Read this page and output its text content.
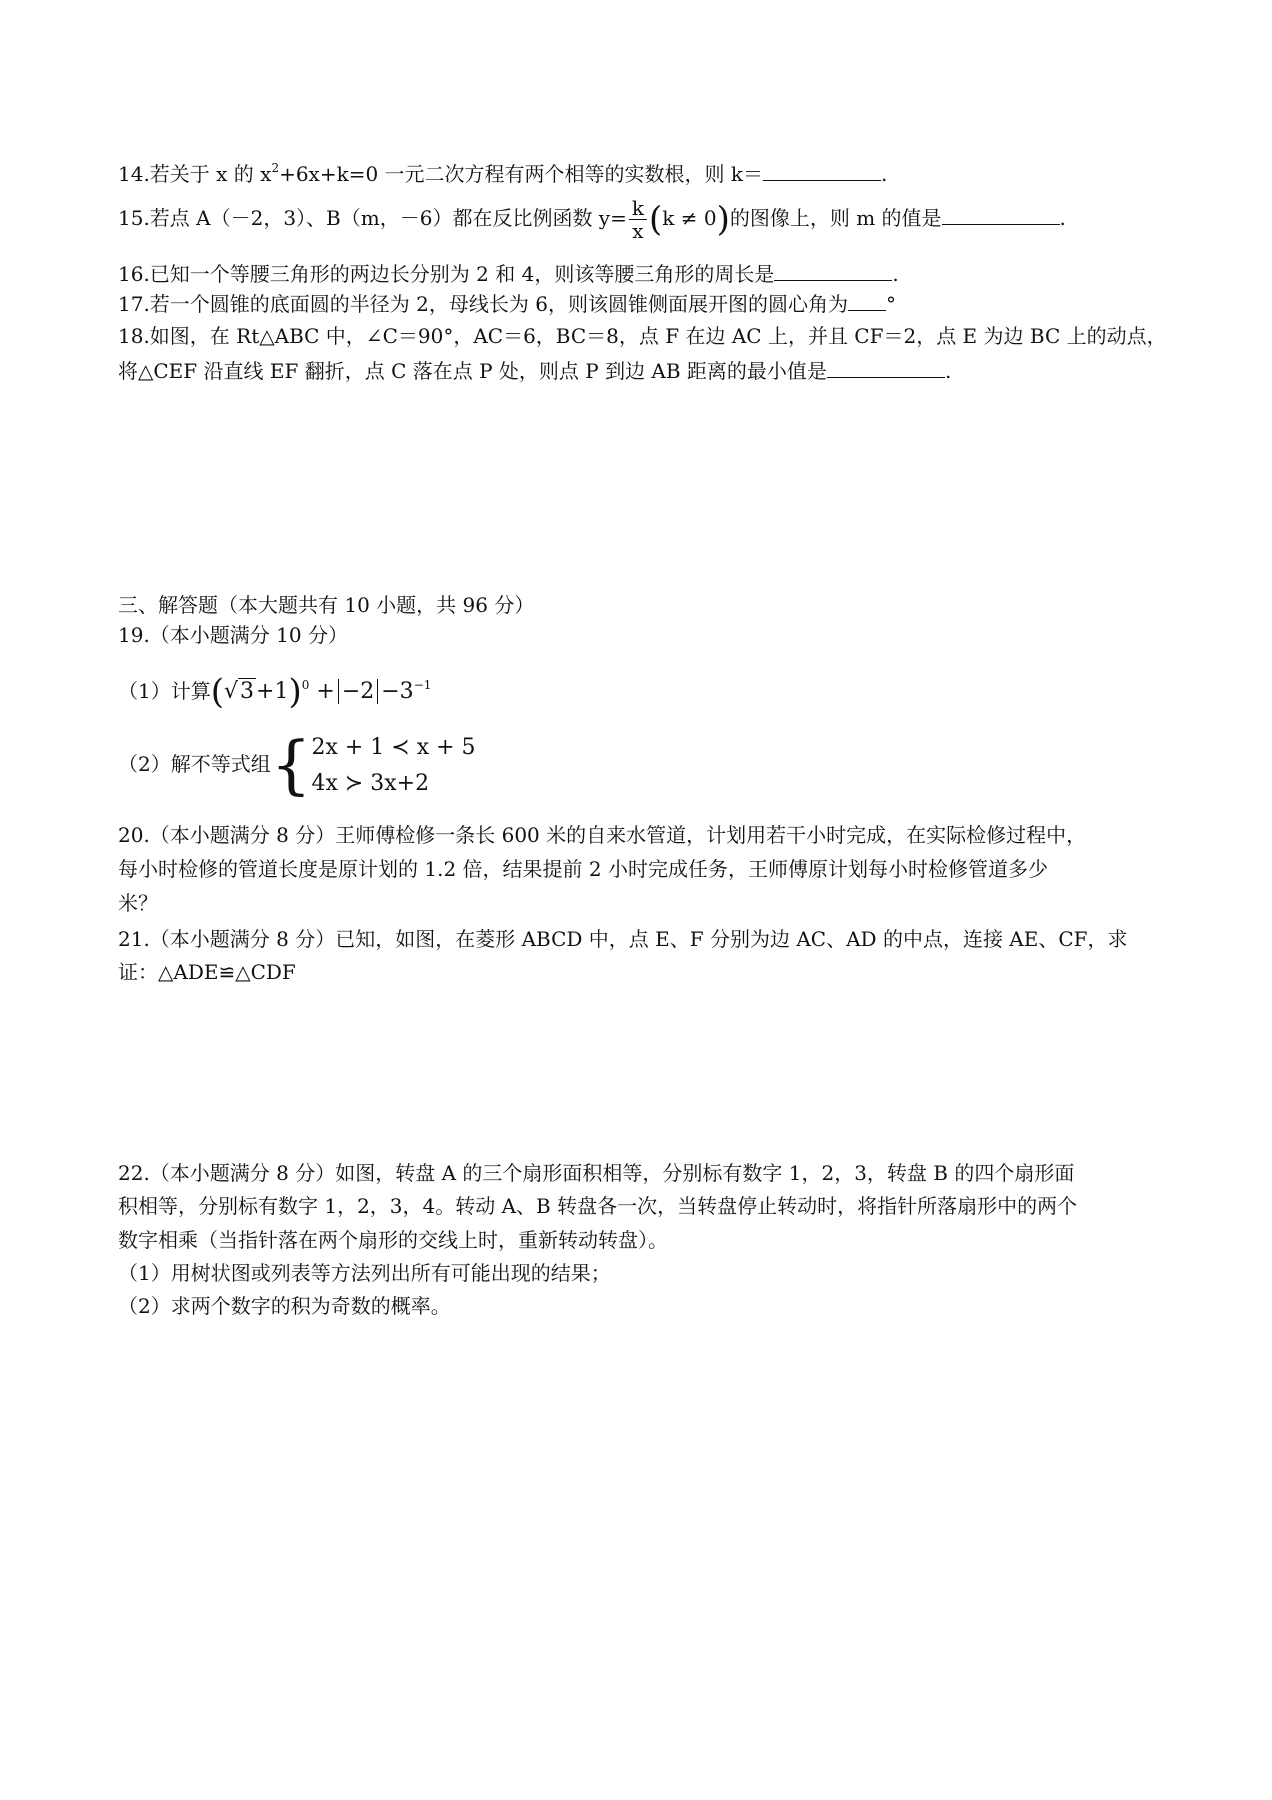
14.若关于 x 的 $x^2+6x+k=0$ 一元二次方程有两个相等的实数根，则 k＝	.
15.若点 A（－2，3）、B（m，－6）都在反比例函数 $y= \frac{k}{x} (k \ne 0)$的图像上，则 m 的值是	.
16.已知一个等腰三角形的两边长分别为 2 和 4，则该等腰三角形的周长是	.
17.若一个圆锥的底面圆的半径为 2，母线长为 6，则该圆锥侧面展开图的圆心角为 °
18.如图，在 Rt△ABC 中，∠C＝90°，AC＝6，BC＝8，点 F 在边 AC 上，并且 CF＝2，点 E 为边 BC 上的动点，
将△CEF 沿直线 EF 翻折，点 C 落在点 P 处，则点 P 到边 AB 距离的最小值是	.
三、解答题（本大题共有 10 小题，共 96 分）
19.（本小题满分 10 分）
（1）计算$(√3+1)^0 + -2 -3^{-1}$
（2）解不等式组{ 2x + 1 ≺ x + 5
4x ≻ 3x+2
20.（本小题满分 8 分）王师傅检修一条长 600 米的自来水管道，计划用若干小时完成，在实际检修过程中，
每小时检修的管道长度是原计划的 1.2 倍，结果提前 2 小时完成任务，王师傅原计划每小时检修管道多少
米？
21.（本小题满分 8 分）已知，如图，在菱形 ABCD 中，点 E、F 分别为边 AC、AD 的中点，连接 AE、CF，求
证：△ADE≌△CDF
22.（本小题满分 8 分）如图，转盘 A 的三个扇形面积相等，分别标有数字 1，2，3，转盘 B 的四个扇形面
积相等，分别标有数字 1，2，3，4。转动 A、B 转盘各一次，当转盘停止转动时，将指针所落扇形中的两个
数字相乘（当指针落在两个扇形的交线上时，重新转动转盘）。
（1）用树状图或列表等方法列出所有可能出现的结果；
（2）求两个数字的积为奇数的概率。
